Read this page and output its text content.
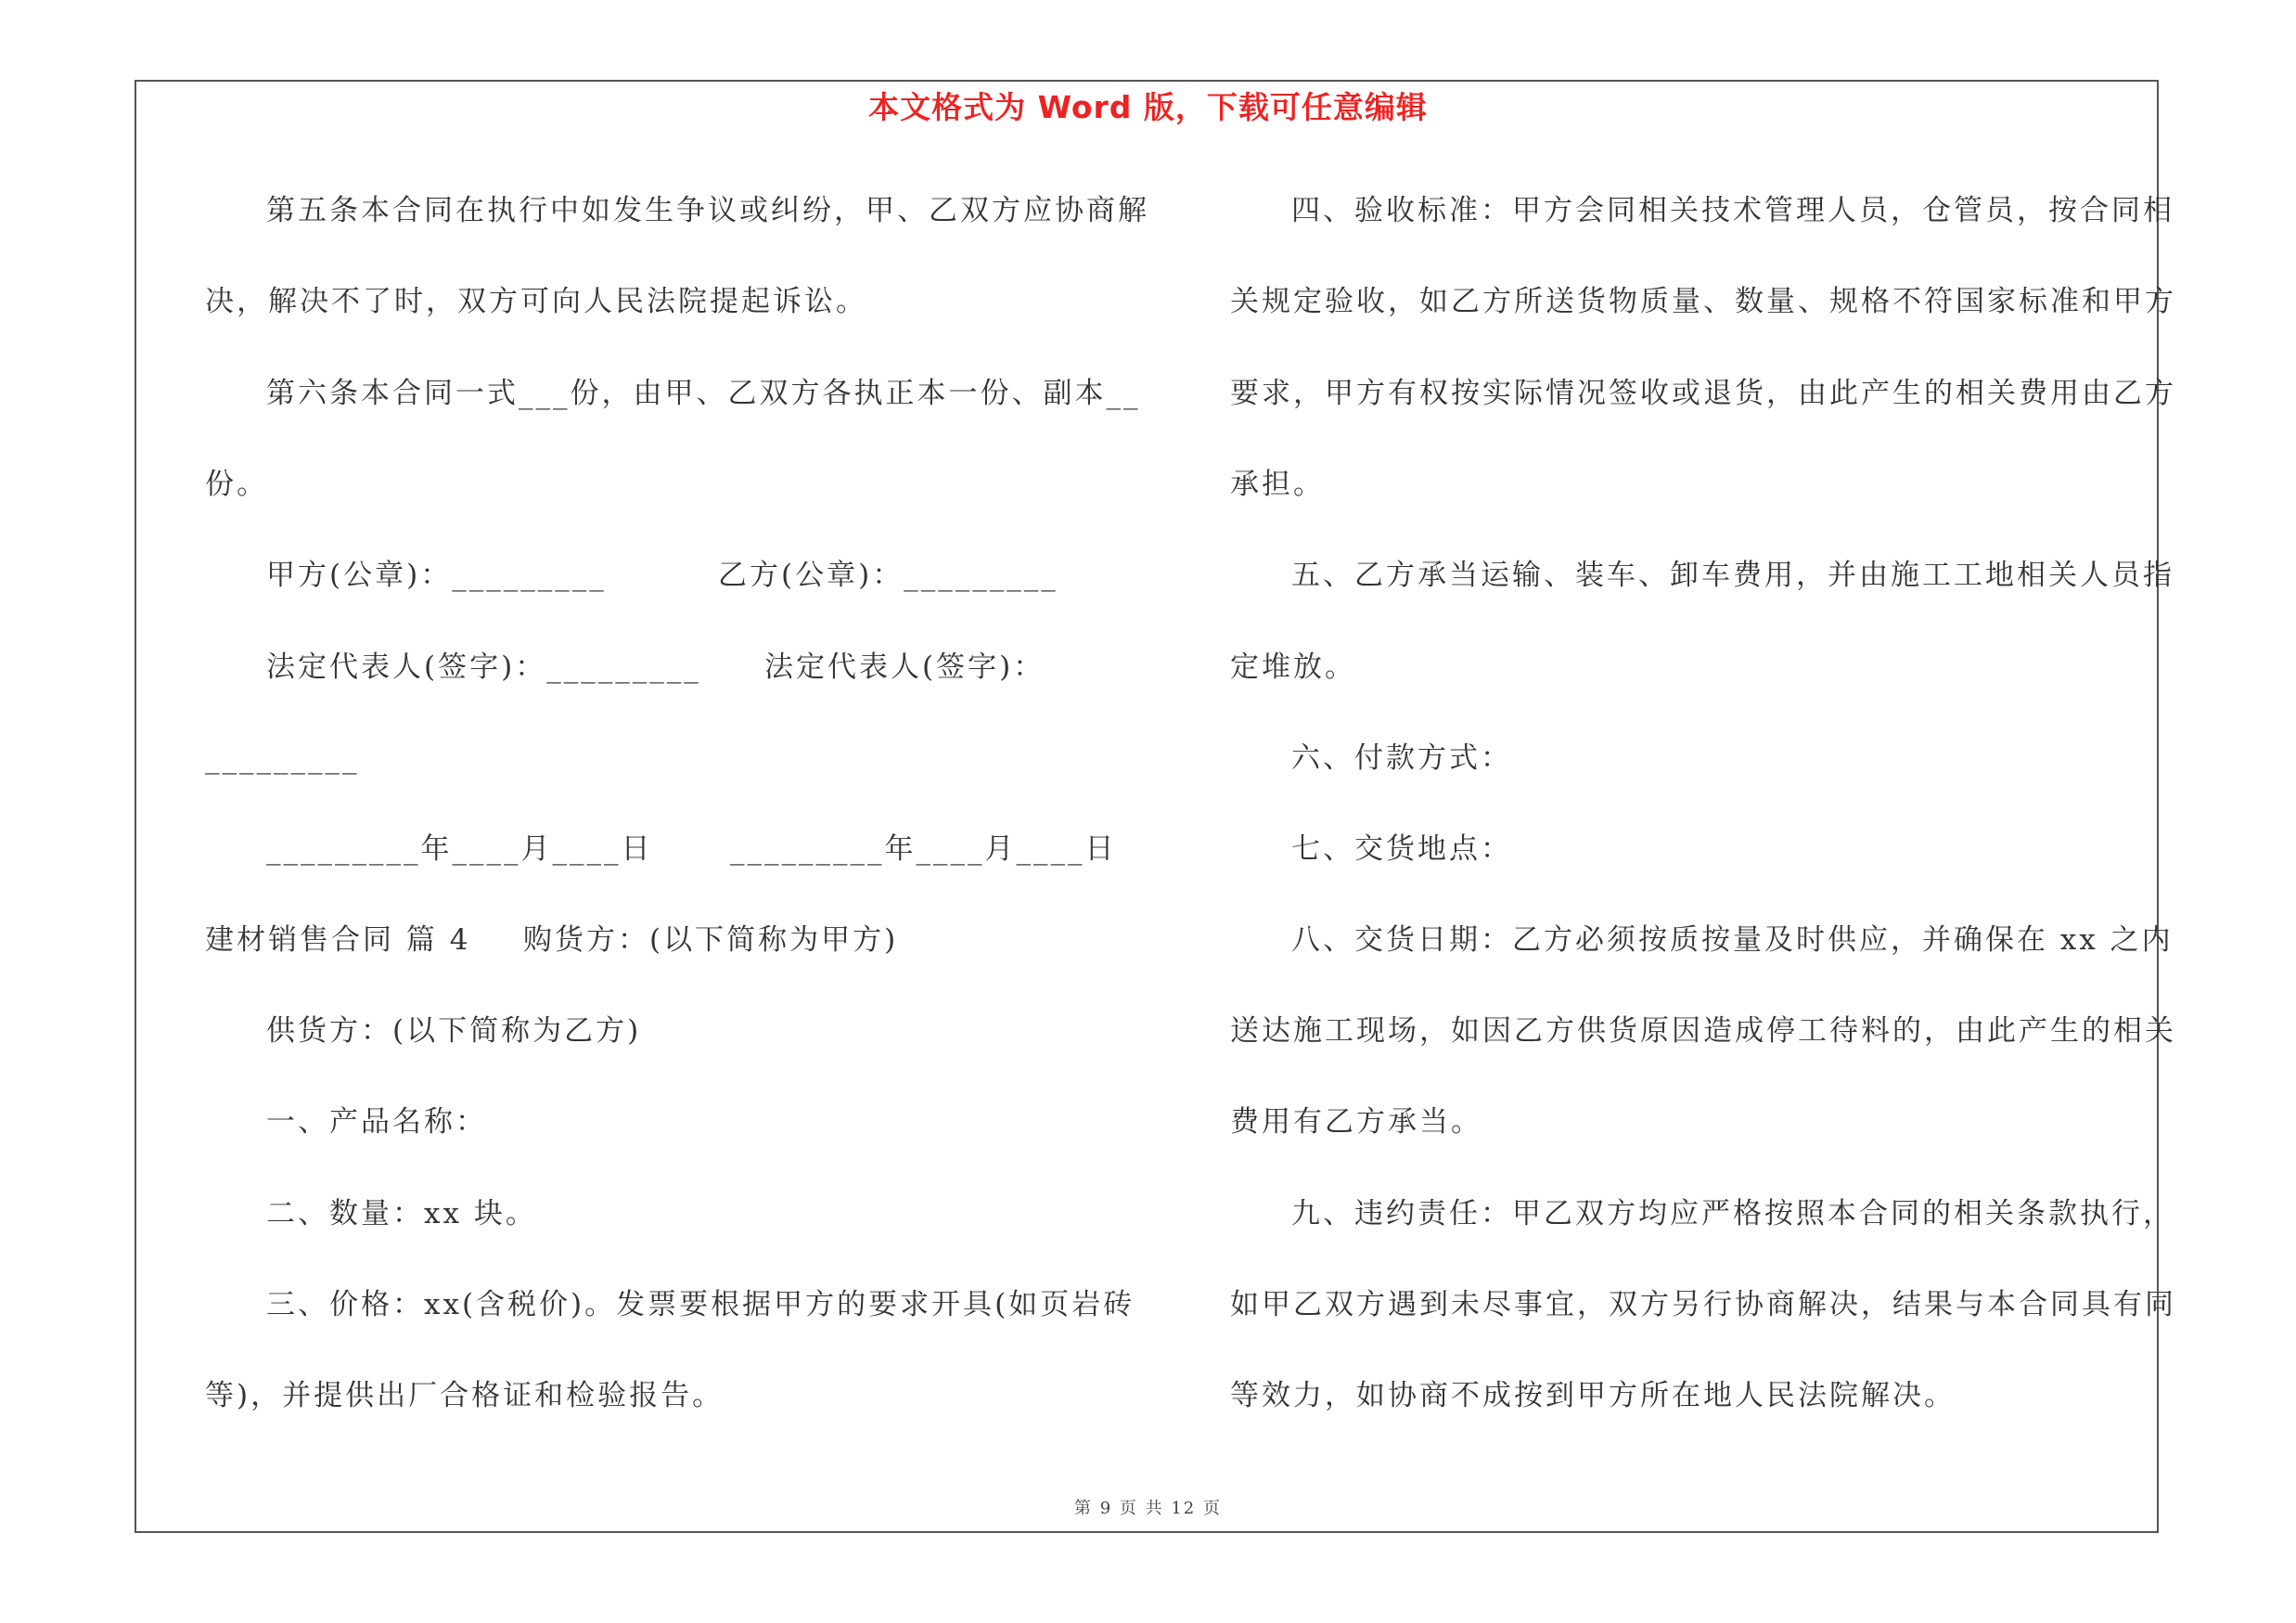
本文格式为 Word 版，下载可任意编辑
第五条本合同在执行中如发生争议或纠纷，甲、乙双方应协商解
决，解决不了时，双方可向人民法院提起诉讼。
第六条本合同一式___份，由甲、乙双方各执正本一份、副本__
份。
甲方(公章)：_________	乙方(公章)：_________
法定代表人(签字)：_________ 法定代表人(签字)：
_________
_________年____月____日	_________年____月____日
建材销售合同 篇 4 购货方：(以下简称为甲方)
供货方：(以下简称为乙方)
一、产品名称：
二、数量：xx 块。
三、价格：xx(含税价)。发票要根据甲方的要求开具(如页岩砖
等)，并提供出厂合格证和检验报告。
四、验收标准：甲方会同相关技术管理人员，仓管员，按合同相
关规定验收，如乙方所送货物质量、数量、规格不符国家标准和甲方
要求，甲方有权按实际情况签收或退货，由此产生的相关费用由乙方
承担。
五、乙方承当运输、装车、卸车费用，并由施工工地相关人员指
定堆放。
六、付款方式：
七、交货地点：
八、交货日期：乙方必须按质按量及时供应，并确保在 xx 之内
送达施工现场，如因乙方供货原因造成停工待料的，由此产生的相关
费用有乙方承当。
九、违约责任：甲乙双方均应严格按照本合同的相关条款执行，
如甲乙双方遇到未尽事宜，双方另行协商解决，结果与本合同具有同
等效力，如协商不成按到甲方所在地人民法院解决。
第 9 页 共 12 页
